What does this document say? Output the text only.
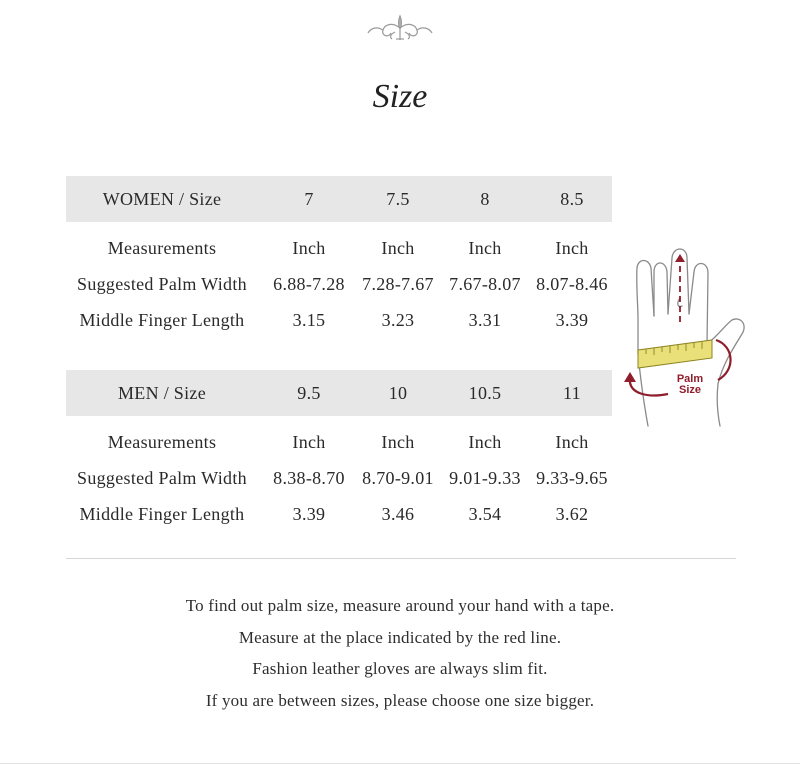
Size
WOMEN / Size	7	7.5	8	8.5
Measurements	Inch	Inch	Inch	Inch
Suggested Palm Width	6.88-7.28 7.28-7.67 7.67-8.07 8.07-8.46
Middle Finger Length	3.15	3.23	3.31	3.39
MEN / Size	9.5	10	10.5	11
Measurements	Inch	Inch	Inch	Inch
Suggested Palm Width	8.38-8.70 8.70-9.01 9.01-9.33 9.33-9.65
Middle Finger Length	3.39	3.46	3.54	3.62
Palm
Size
To find out palm size, measure around your hand with a tape.
Measure at the place indicated by the red line.
Fashion leather gloves are always slim fit.
If you are between sizes, please choose one size bigger.
